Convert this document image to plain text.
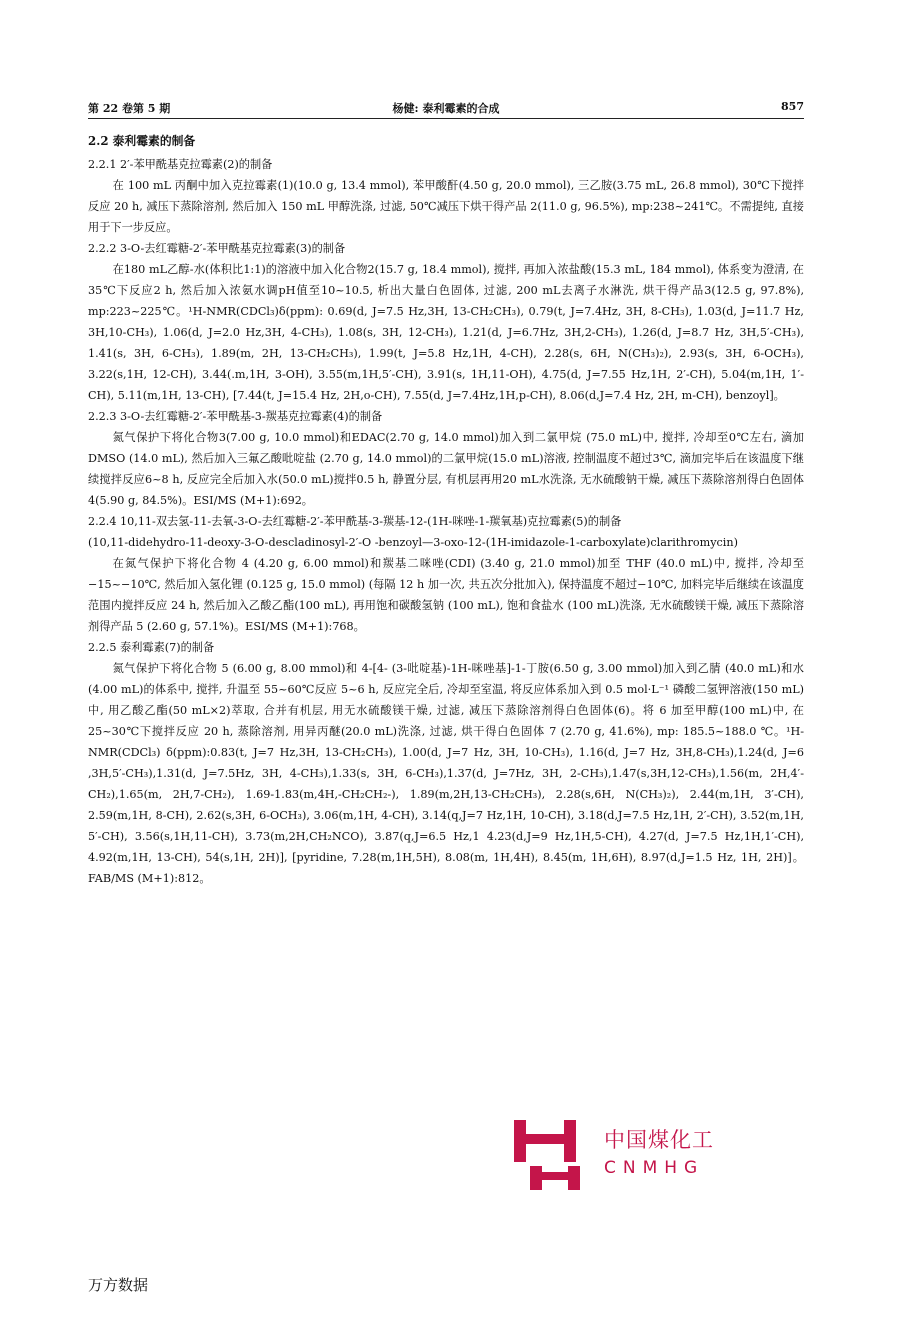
第 22 卷第 5 期	杨健: 泰利霉素的合成	857
2.2 泰利霉素的制备
2.2.1 2′-苯甲酰基克拉霉素(2)的制备

在 100 mL 丙酮中加入克拉霉素(1)(10.0 g, 13.4 mmol), 苯甲酸酐(4.50 g, 20.0 mmol), 三乙胺(3.75 mL, 26.8 mmol), 30℃下搅拌反应 20 h, 减压下蒸除溶剂, 然后加入 150 mL 甲醇洗涤, 过滤, 50℃减压下烘干得产品 2(11.0 g, 96.5%), mp:238~241℃。不需提纯, 直接用于下一步反应。

2.2.2 3-O-去红霉糖-2′-苯甲酰基克拉霉素(3)的制备

在180 mL乙醇-水(体积比1:1)的溶液中加入化合物2(15.7 g, 18.4 mmol), 搅拌, 再加入浓盐酸(15.3 mL, 184 mmol), 体系变为澄清, 在35℃下反应2 h, 然后加入浓氨水调pH值至10~10.5, 析出大量白色固体, 过滤, 200 mL去离子水淋洗, 烘干得产品3(12.5 g, 97.8%), mp:223~225℃。¹H-NMR(CDCl₃)δ(ppm): 0.69(d, J=7.5 Hz,3H, 13-CH₂CH₃), 0.79(t, J=7.4Hz, 3H, 8-CH₃), 1.03(d, J=11.7 Hz, 3H,10-CH₃), 1.06(d, J=2.0 Hz,3H, 4-CH₃), 1.08(s, 3H, 12-CH₃), 1.21(d, J=6.7Hz, 3H,2-CH₃), 1.26(d, J=8.7 Hz, 3H,5′-CH₃), 1.41(s, 3H, 6-CH₃), 1.89(m, 2H, 13-CH₂CH₃), 1.99(t, J=5.8 Hz,1H, 4-CH), 2.28(s, 6H, N(CH₃)₂), 2.93(s, 3H, 6-OCH₃), 3.22(s,1H, 12-CH), 3.44(.m,1H, 3-OH), 3.55(m,1H,5′-CH), 3.91(s, 1H,11-OH), 4.75(d, J=7.55 Hz,1H, 2′-CH), 5.04(m,1H, 1′-CH), 5.11(m,1H, 13-CH), [7.44(t, J=15.4 Hz, 2H,o-CH), 7.55(d, J=7.4Hz,1H,p-CH), 8.06(d,J=7.4 Hz, 2H, m-CH), benzoyl]。

2.2.3 3-O-去红霉糖-2′-苯甲酰基-3-羰基克拉霉素(4)的制备

氮气保护下将化合物3(7.00 g, 10.0 mmol)和EDAC(2.70 g, 14.0 mmol)加入到二氯甲烷 (75.0 mL)中, 搅拌, 冷却至0℃左右, 滴加DMSO (14.0 mL), 然后加入三氟乙酸吡啶盐 (2.70 g, 14.0 mmol)的二氯甲烷(15.0 mL)溶液, 控制温度不超过3℃, 滴加完毕后在该温度下继续搅拌反应6~8 h, 反应完全后加入水(50.0 mL)搅拌0.5 h, 静置分层, 有机层再用20 mL水洗涤, 无水硫酸钠干燥, 减压下蒸除溶剂得白色固体4(5.90 g, 84.5%)。ESI/MS (M+1):692。

2.2.4 10,11-双去氢-11-去氧-3-O-去红霉糖-2′-苯甲酰基-3-羰基-12-(1H-咪唑-1-羰氧基)克拉霉素(5)的制备
(10,11-didehydro-11-deoxy-3-O-descladinosyl-2′-O -benzoyl—3-oxo-12-(1H-imidazole-1-carboxylate)clarithromycin)

在氮气保护下将化合物 4 (4.20 g, 6.00 mmol)和羰基二咪唑(CDI) (3.40 g, 21.0 mmol)加至 THF (40.0 mL)中, 搅拌, 冷却至−15~−10℃, 然后加入氢化锂 (0.125 g, 15.0 mmol) (每隔 12 h 加一次, 共五次分批加入), 保持温度不超过−10℃, 加料完毕后继续在该温度范围内搅拌反应 24 h, 然后加入乙酸乙酯(100 mL), 再用饱和碳酸氢钠 (100 mL), 饱和食盐水 (100 mL)洗涤, 无水硫酸镁干燥, 减压下蒸除溶剂得产品 5 (2.60 g, 57.1%)。ESI/MS (M+1):768。

2.2.5 泰利霉素(7)的制备

氮气保护下将化合物 5 (6.00 g, 8.00 mmol)和 4-[4- (3-吡啶基)-1H-咪唑基]-1-丁胺(6.50 g, 3.00 mmol)加入到乙腈 (40.0 mL)和水 (4.00 mL)的体系中, 搅拌, 升温至 55~60℃反应 5~6 h, 反应完全后, 冷却至室温, 将反应体系加入到 0.5 mol·L⁻¹ 磷酸二氢钾溶液(150 mL)中, 用乙酸乙酯(50 mL×2)萃取, 合并有机层, 用无水硫酸镁干燥, 过滤, 减压下蒸除溶剂得白色固体(6)。将 6 加至甲醇(100 mL)中, 在 25~30℃下搅拌反应 20 h, 蒸除溶剂, 用异丙醚(20.0 mL)洗涤, 过滤, 烘干得白色固体 7 (2.70 g, 41.6%), mp: 185.5~188.0 ℃。¹H-NMR(CDCl₃) δ(ppm):0.83(t, J=7 Hz,3H, 13-CH₂CH₃), 1.00(d, J=7 Hz, 3H, 10-CH₃), 1.16(d, J=7 Hz, 3H,8-CH₃),1.24(d, J=6 ,3H,5′-CH₃),1.31(d, J=7.5Hz, 3H, 4-CH₃),1.33(s, 3H, 6-CH₃),1.37(d, J=7Hz, 3H, 2-CH₃),1.47(s,3H,12-CH₃),1.56(m, 2H,4′-CH₂),1.65(m, 2H,7-CH₂), 1.69-1.83(m,4H,-CH₂CH₂-), 1.89(m,2H,13-CH₂CH₃), 2.28(s,6H, N(CH₃)₂), 2.44(m,1H, 3′-CH), 2.59(m,1H, 8-CH), 2.62(s,3H, 6-OCH₃), 3.06(m,1H, 4-CH), 3.14(q,J=7 Hz,1H, 10-CH), 3.18(d,J=7.5 Hz,1H, 2′-CH), 3.52(m,1H, 5′-CH), 3.56(s,1H,11-CH), 3.73(m,2H,CH₂NCO), 3.87(q,J=6.5 Hz,1 4.23(d,J=9 Hz,1H,5-CH), 4.27(d, J=7.5 Hz,1H,1′-CH), 4.92(m,1H, 13-CH), 54(s,1H, 2H)], [pyridine, 7.28(m,1H,5H), 8.08(m, 1H,4H), 8.45(m, 1H,6H), 8.97(d,J=1.5 Hz, 1H, 2H)]。FAB/MS (M+1):812。

中国煤化工
CNMHG
万方数据
